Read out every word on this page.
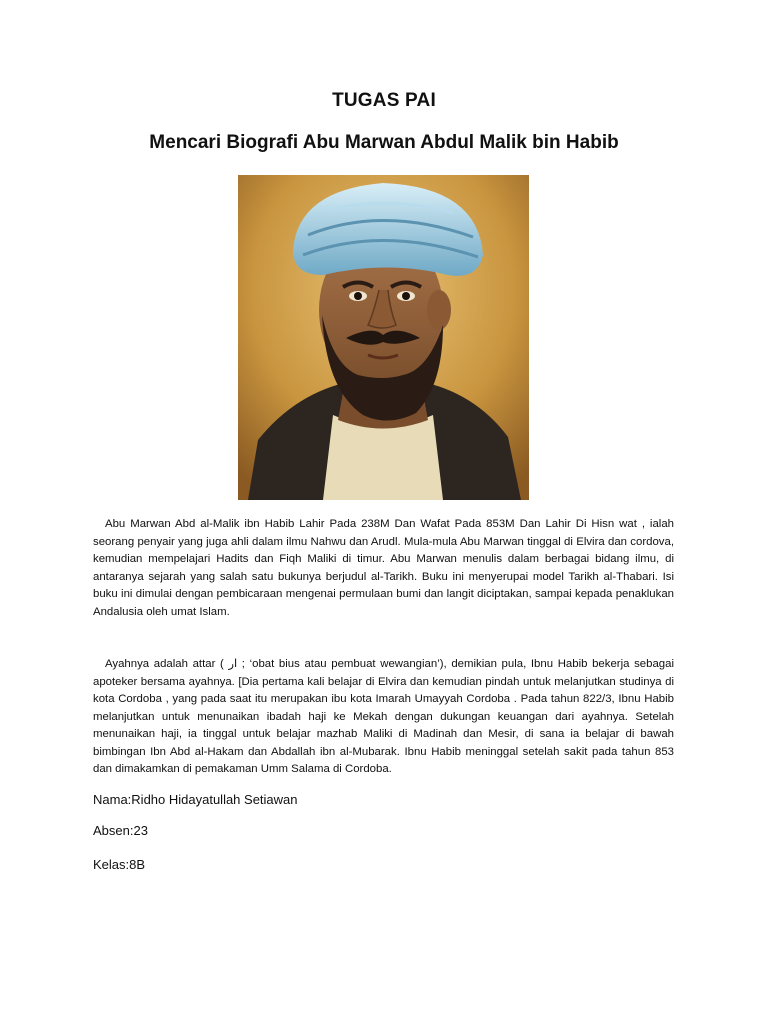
TUGAS PAI
Mencari Biografi Abu Marwan Abdul Malik bin Habib
Abu Marwan Abd al-Malik ibn Habib Lahir Pada 238M Dan Wafat Pada 853M Dan Lahir Di Hisn wat , ialah seorang penyair yang juga ahli dalam ilmu Nahwu dan Arudl. Mula-mula Abu Marwan tinggal di Elvira dan cordova, kemudian mempelajari Hadits dan Fiqh Maliki di timur. Abu Marwan menulis dalam berbagai bidang ilmu, di antaranya sejarah yang salah satu bukunya berjudul al-Tarikh. Buku ini menyerupai model Tarikh al-Thabari. Isi buku ini dimulai dengan pembicaraan mengenai permulaan bumi dan langit diciptakan, sampai kepada penaklukan Andalusia oleh umat Islam.
Ayahnya adalah attar ( ار ; ‘obat bius atau pembuat wewangian’), demikian pula, Ibnu Habib bekerja sebagai apoteker bersama ayahnya. [Dia pertama kali belajar di Elvira dan kemudian pindah untuk melanjutkan studinya di kota Cordoba , yang pada saat itu merupakan ibu kota Imarah Umayyah Cordoba . Pada tahun 822/3, Ibnu Habib melanjutkan untuk menunaikan ibadah haji ke Mekah dengan dukungan keuangan dari ayahnya. Setelah menunaikan haji, ia tinggal untuk belajar mazhab Maliki di Madinah dan Mesir, di sana ia belajar di bawah bimbingan Ibn Abd al-Hakam dan Abdallah ibn al-Mubarak. Ibnu Habib meninggal setelah sakit pada tahun 853 dan dimakamkan di pemakaman Umm Salama di Cordoba.
Nama:Ridho Hidayatullah Setiawan
Absen:23
Kelas:8B
